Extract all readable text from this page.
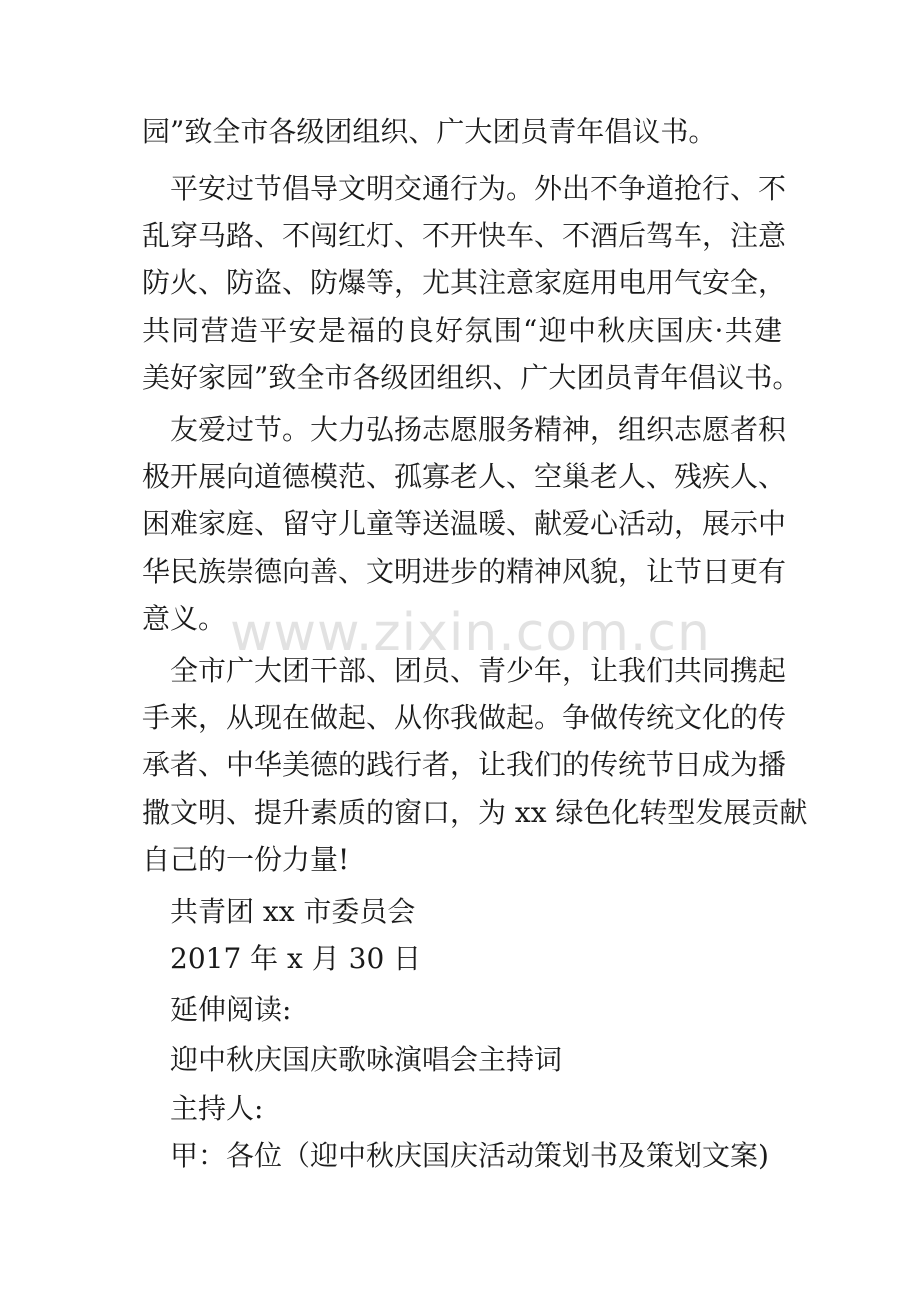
园”致全市各级团组织、广大团员青年倡议书。
平安过节倡导文明交通行为。外出不争道抢行、不
乱穿马路、不闯红灯、不开快车、不酒后驾车，注意
防火、防盗、防爆等，尤其注意家庭用电用气安全，
共同营造平安是福的良好氛围“迎中秋庆国庆·共建
美好家园”致全市各级团组织、广大团员青年倡议书。
友爱过节。大力弘扬志愿服务精神，组织志愿者积
极开展向道德模范、孤寡老人、空巢老人、残疾人、
困难家庭、留守儿童等送温暖、献爱心活动，展示中
华民族崇德向善、文明进步的精神风貌，让节日更有
意义。
全市广大团干部、团员、青少年，让我们共同携起
手来，从现在做起、从你我做起。争做传统文化的传
承者、中华美德的践行者，让我们的传统节日成为播
撒文明、提升素质的窗口，为 xx 绿色化转型发展贡献
自己的一份力量!
共青团 xx 市委员会
2017 年 x 月 30 日
延伸阅读:
迎中秋庆国庆歌咏演唱会主持词
主持人:
甲：各位（迎中秋庆国庆活动策划书及策划文案)
www.zixin.com.cn
